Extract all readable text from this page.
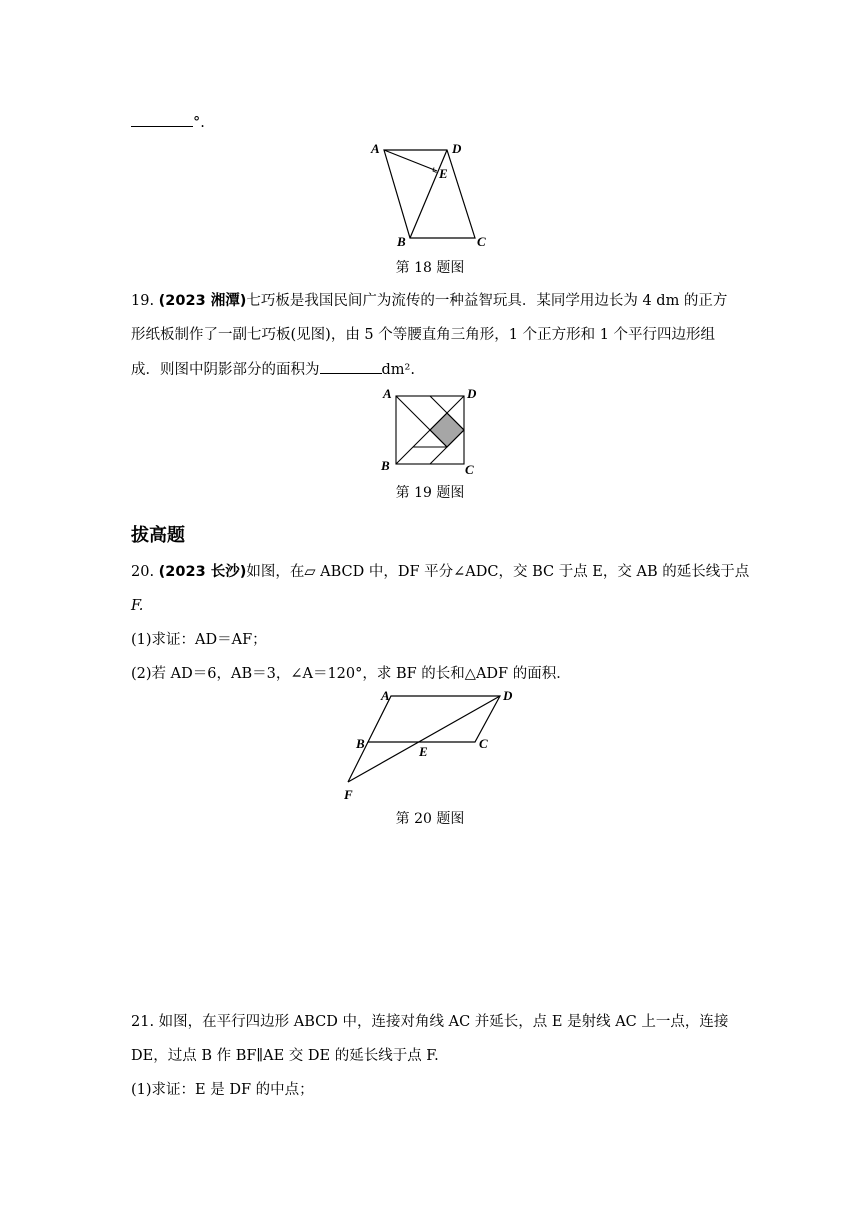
°.
A	D
E
B	C
第 18 题图
19. (2023 湘潭)七巧板是我国民间广为流传的一种益智玩具．某同学用边长为 4 dm 的正方
形纸板制作了一副七巧板(见图)，由 5 个等腰直角三角形，1 个正方形和 1 个平行四边形组
成．则图中阴影部分的面积为	dm².
A	D
B	C
第 19 题图
拔高题
20. (2023 长沙)如图，在▱ ABCD 中，DF 平分∠ADC，交 BC 于点 E，交 AB 的延长线于点
F.
(1)求证：AD＝AF；
(2)若 AD＝6，AB＝3，∠A＝120°，求 BF 的长和△ADF 的面积．
A	D
B
E
C
F
第 20 题图
21. 如图，在平行四边形 ABCD 中，连接对角线 AC 并延长，点 E 是射线 AC 上一点，连接
DE，过点 B 作 BF∥AE 交 DE 的延长线于点 F.
(1)求证：E 是 DF 的中点；
